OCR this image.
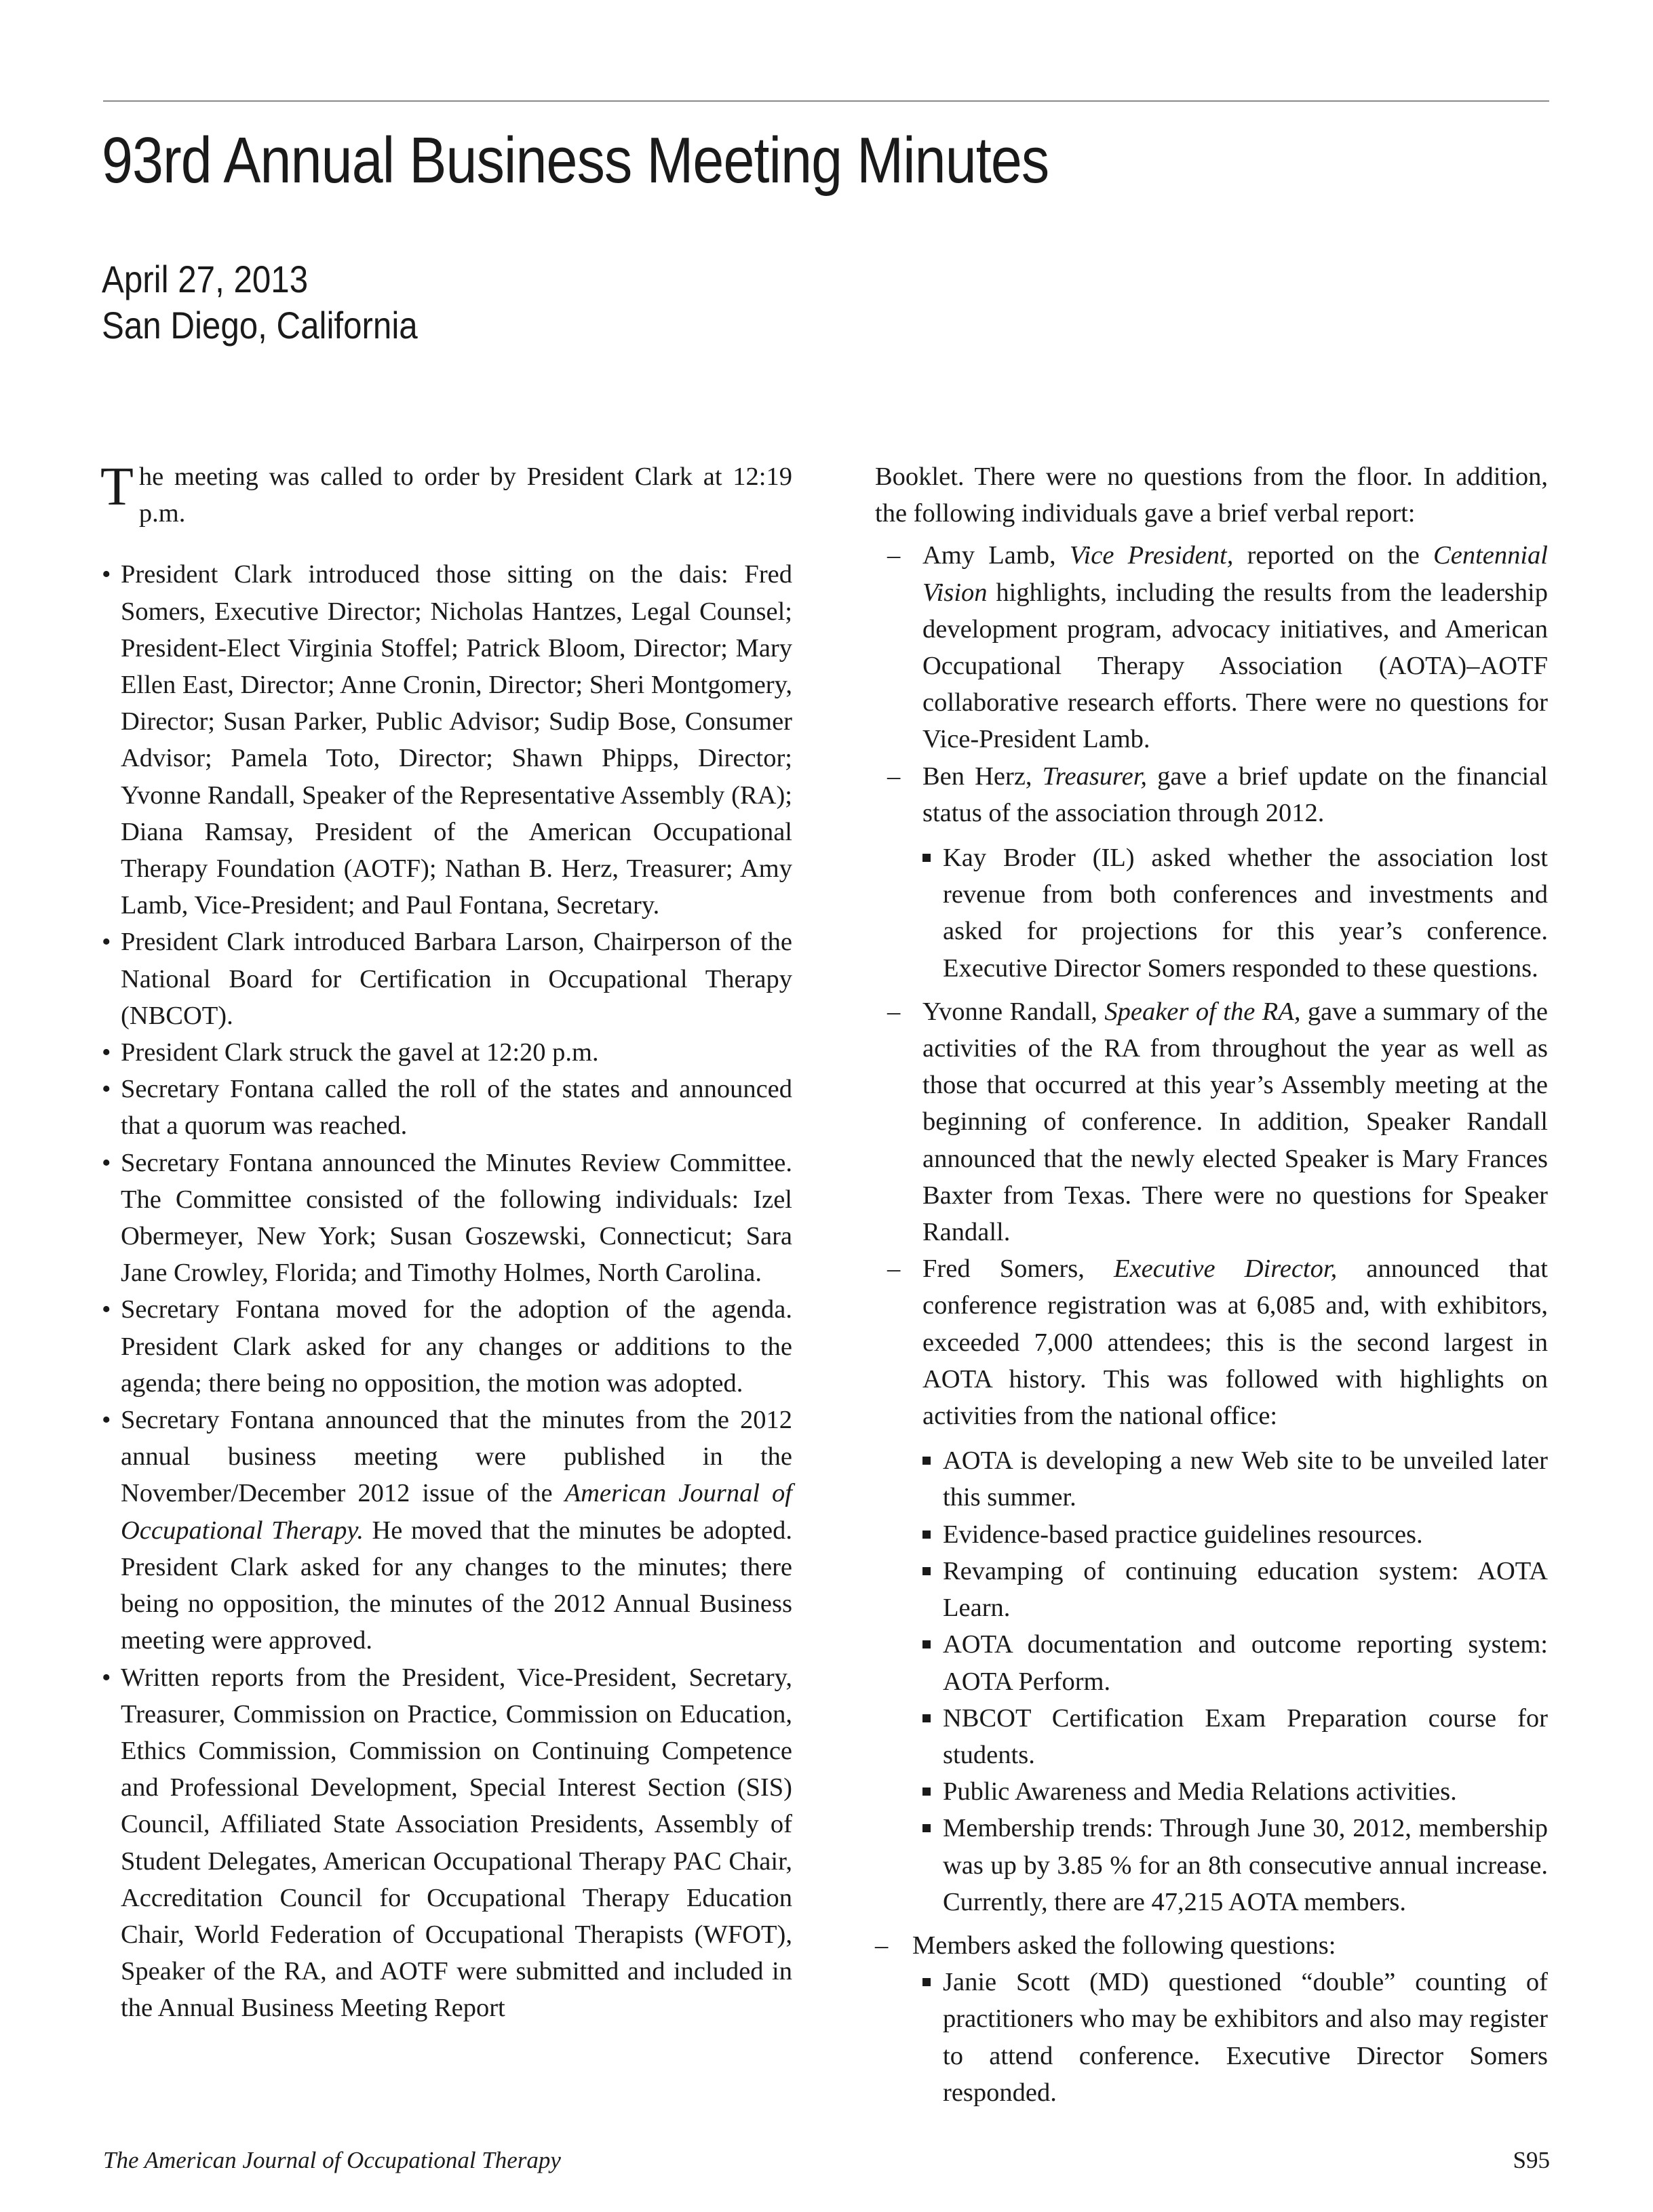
93rd Annual Business Meeting Minutes
April 27, 2013
San Diego, California

The meeting was called to order by President Clark at 12:19 p.m.

• President Clark introduced those sitting on the dais: Fred Somers, Executive Director; Nicholas Hantzes, Legal Counsel; President-Elect Virginia Stoffel; Patrick Bloom, Director; Mary Ellen East, Director; Anne Cronin, Director; Sheri Montgomery, Director; Susan Parker, Public Advisor; Sudip Bose, Consumer Advisor; Pamela Toto, Director; Shawn Phipps, Director; Yvonne Randall, Speaker of the Representative Assembly (RA); Diana Ramsay, President of the American Occupational Therapy Foundation (AOTF); Nathan B. Herz, Treasurer; Amy Lamb, Vice-President; and Paul Fontana, Secretary.
• President Clark introduced Barbara Larson, Chairperson of the National Board for Certification in Occupational Therapy (NBCOT).
• President Clark struck the gavel at 12:20 p.m.
• Secretary Fontana called the roll of the states and announced that a quorum was reached.
• Secretary Fontana announced the Minutes Review Committee. The Committee consisted of the following individuals: Izel Obermeyer, New York; Susan Goszewski, Connecticut; Sara Jane Crowley, Florida; and Timothy Holmes, North Carolina.
• Secretary Fontana moved for the adoption of the agenda. President Clark asked for any changes or additions to the agenda; there being no opposition, the motion was adopted.
• Secretary Fontana announced that the minutes from the 2012 annual business meeting were published in the November/December 2012 issue of the American Journal of Occupational Therapy. He moved that the minutes be adopted. President Clark asked for any changes to the minutes; there being no opposition, the minutes of the 2012 Annual Business meeting were approved.
• Written reports from the President, Vice-President, Secretary, Treasurer, Commission on Practice, Commission on Education, Ethics Commission, Commission on Continuing Competence and Professional Development, Special Interest Section (SIS) Council, Affiliated State Association Presidents, Assembly of Student Delegates, American Occupational Therapy PAC Chair, Accreditation Council for Occupational Therapy Education Chair, World Federation of Occupational Therapists (WFOT), Speaker of the RA, and AOTF were submitted and included in the Annual Business Meeting Report

Booklet. There were no questions from the floor. In addition, the following individuals gave a brief verbal report:

– Amy Lamb, Vice President, reported on the Centennial Vision highlights, including the results from the leadership development program, advocacy initiatives, and American Occupational Therapy Association (AOTA)–AOTF collaborative research efforts. There were no questions for Vice-President Lamb.
– Ben Herz, Treasurer, gave a brief update on the financial status of the association through 2012.
Kay Broder (IL) asked whether the association lost revenue from both conferences and investments and asked for projections for this year’s conference. Executive Director Somers responded to these questions.
– Yvonne Randall, Speaker of the RA, gave a summary of the activities of the RA from throughout the year as well as those that occurred at this year’s Assembly meeting at the beginning of conference. In addition, Speaker Randall announced that the newly elected Speaker is Mary Frances Baxter from Texas. There were no questions for Speaker Randall.
– Fred Somers, Executive Director, announced that conference registration was at 6,085 and, with exhibitors, exceeded 7,000 attendees; this is the second largest in AOTA history. This was followed with highlights on activities from the national office:
AOTA is developing a new Web site to be unveiled later this summer.
Evidence-based practice guidelines resources.
Revamping of continuing education system: AOTA Learn.
AOTA documentation and outcome reporting system: AOTA Perform.
NBCOT Certification Exam Preparation course for students.
Public Awareness and Media Relations activities.
Membership trends: Through June 30, 2012, membership was up by 3.85 % for an 8th consecutive annual increase. Currently, there are 47,215 AOTA members.
– Members asked the following questions:
Janie Scott (MD) questioned “double” counting of practitioners who may be exhibitors and also may register to attend conference. Executive Director Somers responded.
The American Journal of Occupational Therapy	S95
